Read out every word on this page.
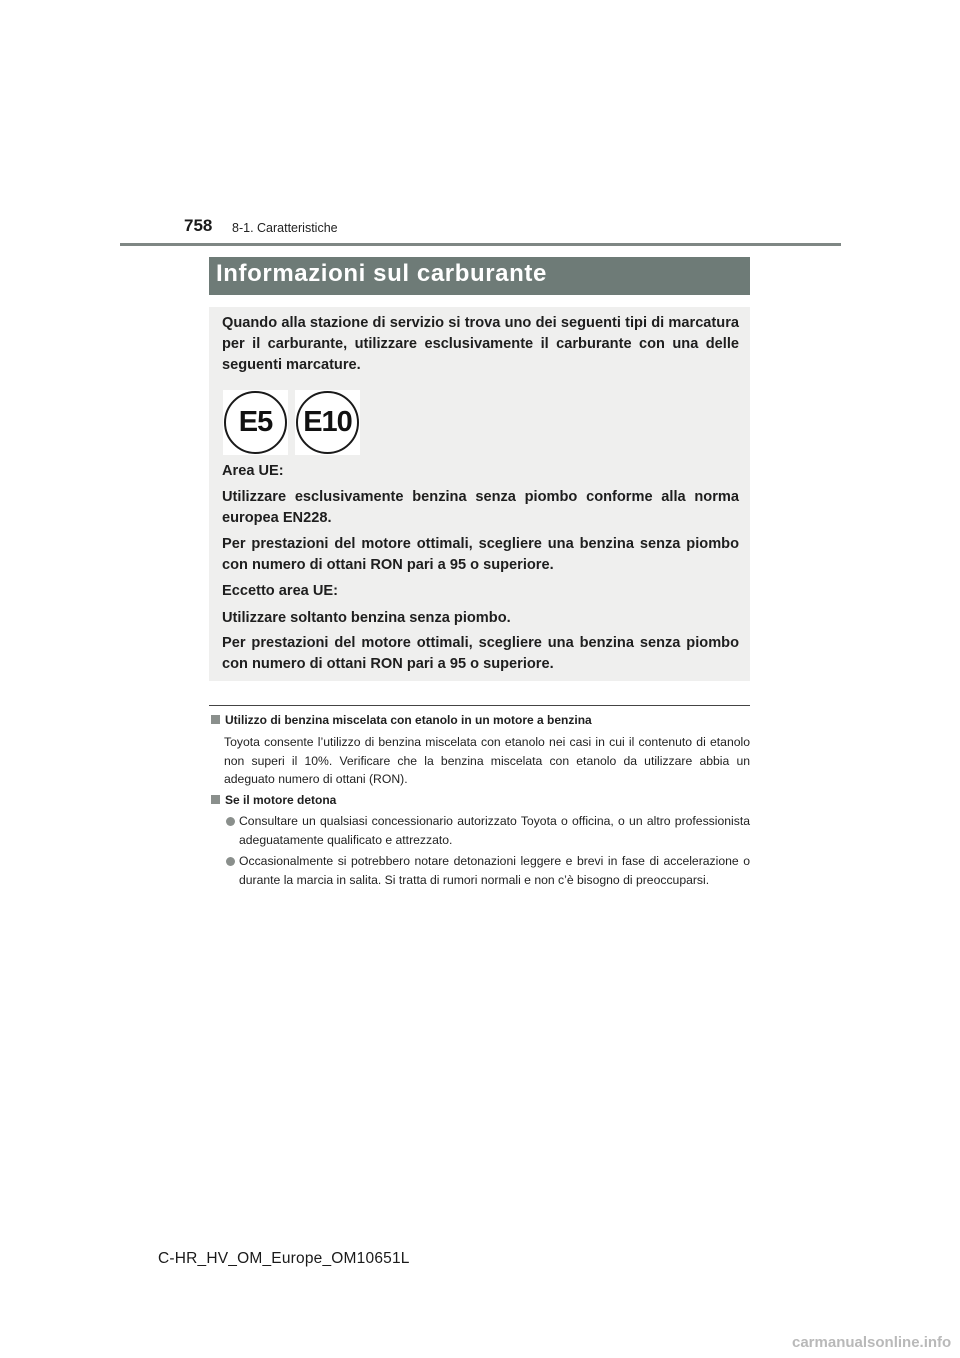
758 8-1. Caratteristiche
Informazioni sul carburante

Quando alla stazione di servizio si trova uno dei seguenti tipi di marcatura per il carburante, utilizzare esclusivamente il carburante con una delle seguenti marcature.

Area UE:

Utilizzare esclusivamente benzina senza piombo conforme alla norma europea EN228.

Per prestazioni del motore ottimali, scegliere una benzina senza piombo con numero di ottani RON pari a 95 o superiore.

Eccetto area UE:

Utilizzare soltanto benzina senza piombo.

Per prestazioni del motore ottimali, scegliere una benzina senza piombo con numero di ottani RON pari a 95 o superiore.

E5 E10
Utilizzo di benzina miscelata con etanolo in un motore a benzina

Toyota consente l’utilizzo di benzina miscelata con etanolo nei casi in cui il contenuto di etanolo non superi il 10%. Verificare che la benzina miscelata con etanolo da utilizzare abbia un adeguato numero di ottani (RON).

Se il motore detona

Consultare un qualsiasi concessionario autorizzato Toyota o officina, o un altro professionista adeguatamente qualificato e attrezzato.

Occasionalmente si potrebbero notare detonazioni leggere e brevi in fase di accelerazione o durante la marcia in salita. Si tratta di rumori normali e non c’è bisogno di preoccuparsi.

C-HR_HV_OM_Europe_OM10651L
carmanualsonline.info
